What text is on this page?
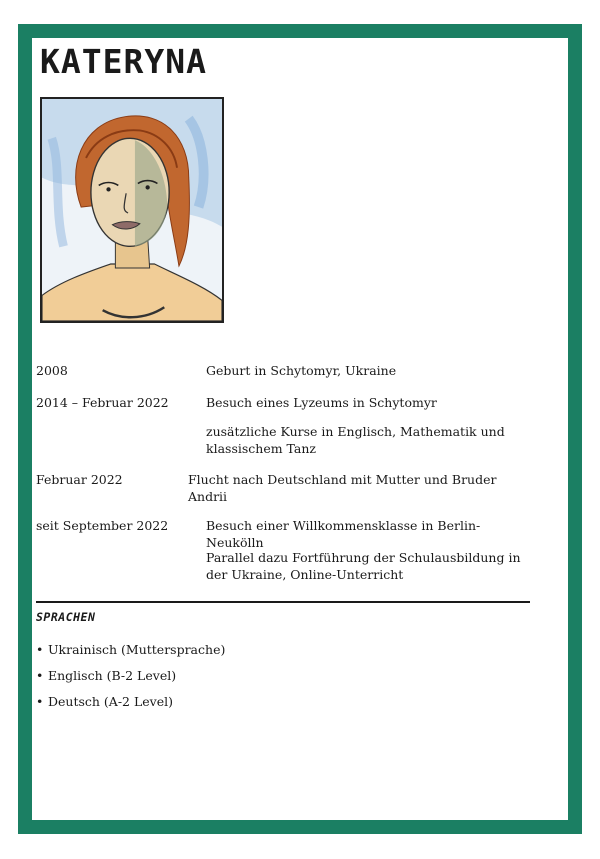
KATERYNA
2008	Geburt in Schytomyr, Ukraine
2014 – Februar 2022	Besuch eines Lyzeums in Schytomyr
zusätzliche Kurse in Englisch, Mathematik und klassischem Tanz
Februar 2022	Flucht nach Deutschland mit Mutter und Bruder Andrii
seit September 2022	Besuch einer Willkommensklasse in Berlin-Neukölln
Parallel dazu Fortführung der Schulausbildung in der Ukraine, Online-Unterricht
SPRACHEN
• Ukrainisch (Muttersprache)
• Englisch (B-2 Level)
• Deutsch (A-2 Level)
